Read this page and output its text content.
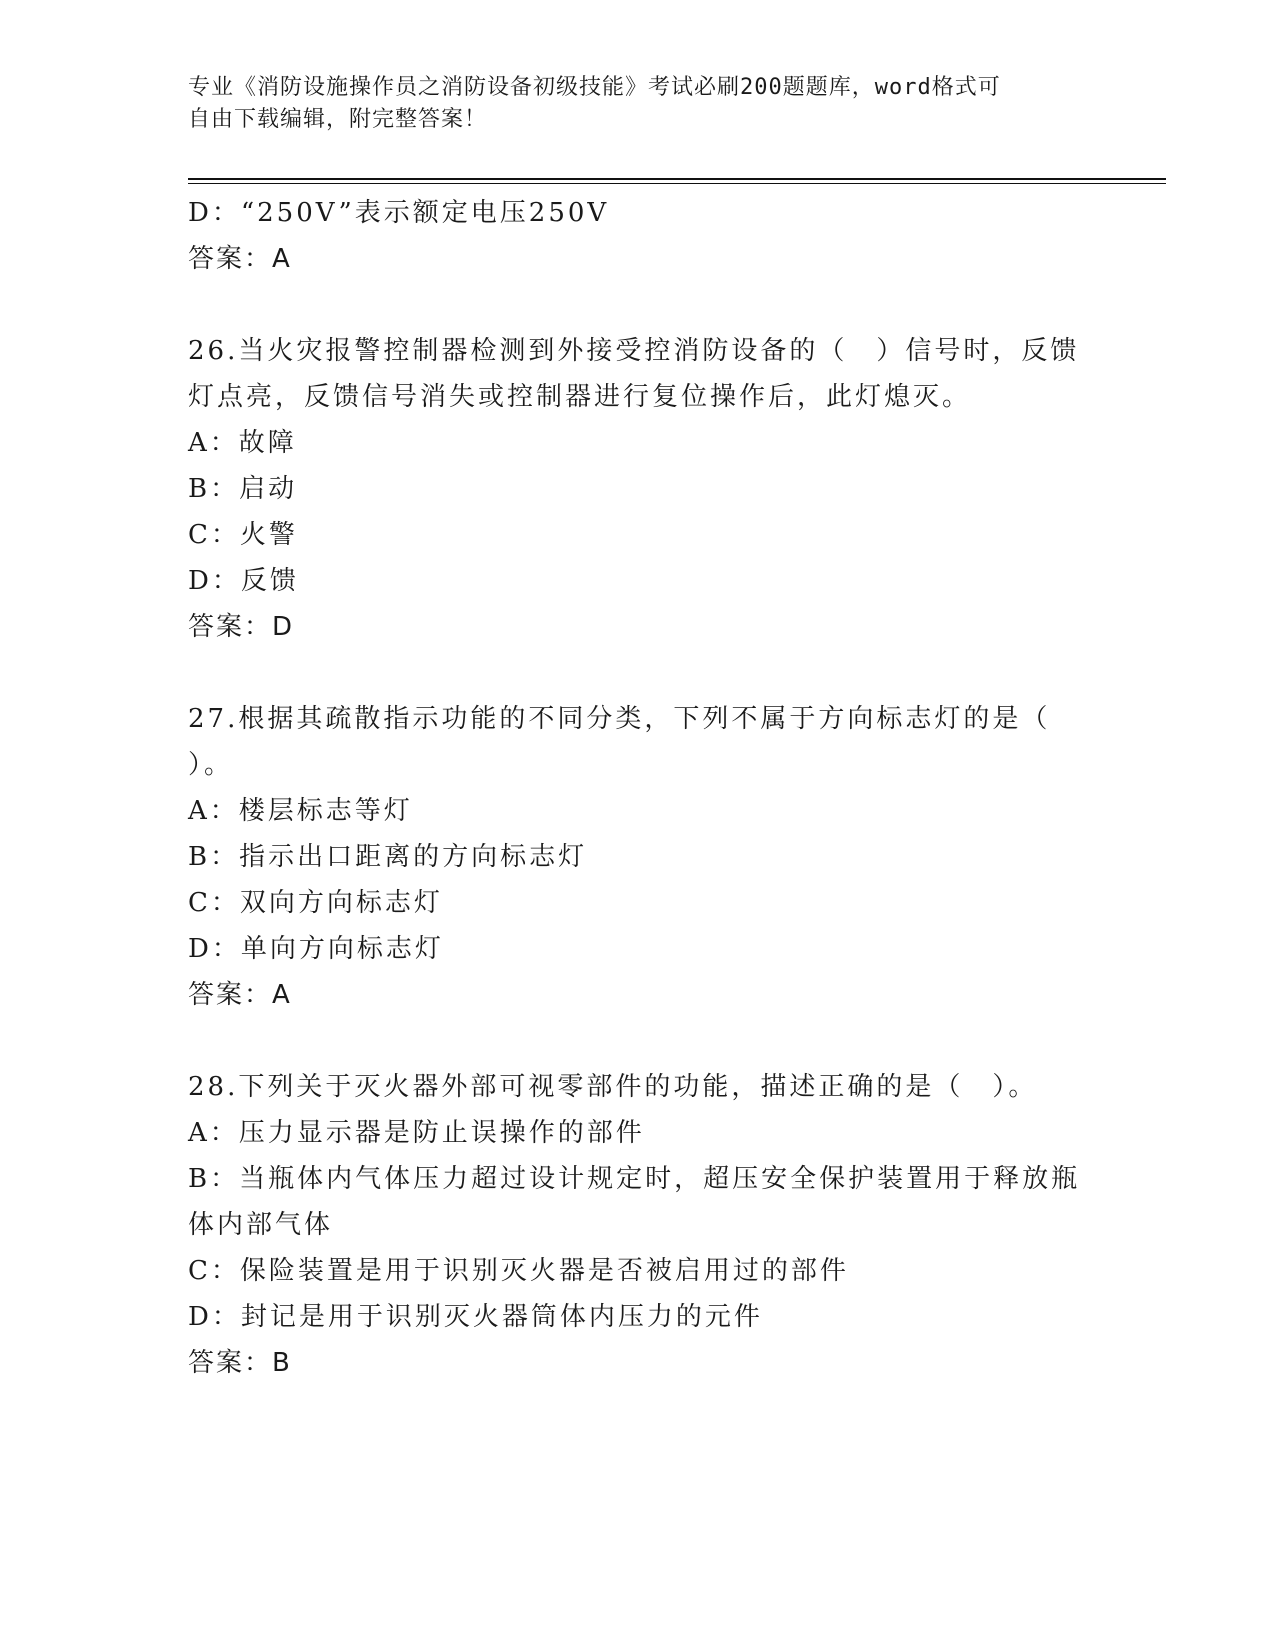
专业《消防设施操作员之消防设备初级技能》考试必刷200题题库，word格式可
自由下载编辑，附完整答案！
D：“250V”表示额定电压250V
答案：A
26.当火灾报警控制器检测到外接受控消防设备的（　）信号时，反馈
灯点亮，反馈信号消失或控制器进行复位操作后，此灯熄灭。
A：故障
B：启动
C：火警
D：反馈
答案：D
27.根据其疏散指示功能的不同分类，下列不属于方向标志灯的是（
）。
A：楼层标志等灯
B：指示出口距离的方向标志灯
C：双向方向标志灯
D：单向方向标志灯
答案：A
28.下列关于灭火器外部可视零部件的功能，描述正确的是（　）。
A：压力显示器是防止误操作的部件
B：当瓶体内气体压力超过设计规定时，超压安全保护装置用于释放瓶
体内部气体
C：保险装置是用于识别灭火器是否被启用过的部件
D：封记是用于识别灭火器筒体内压力的元件
答案：B
